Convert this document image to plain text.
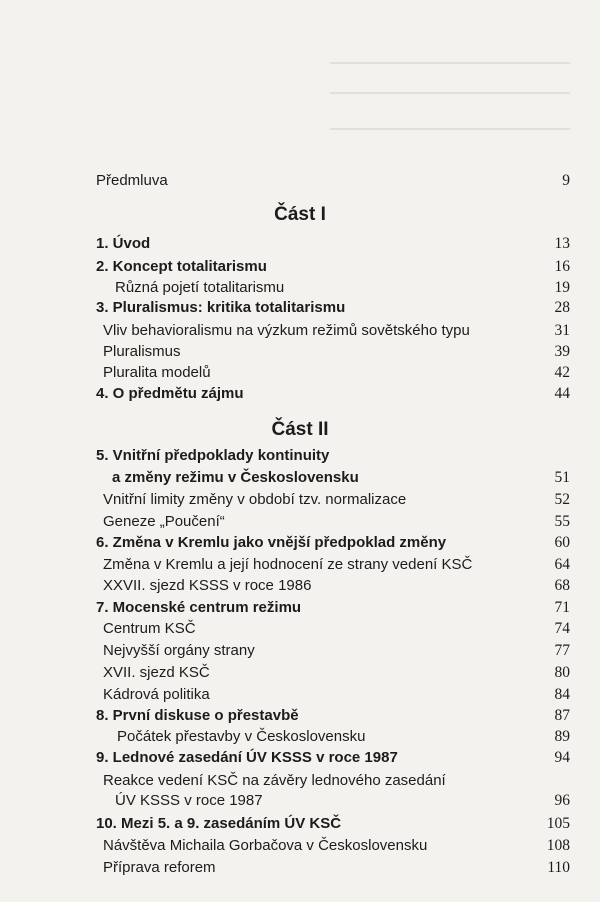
Předmluva	9
Část I
1. Úvod	13
2. Koncept totalitarismu	16
Různá pojetí totalitarismu	19
3. Pluralismus: kritika totalitarismu	28
Vliv behavioralismu na výzkum režimů sovětského typu	31
Pluralismus	39
Pluralita modelů	42
4. O předmětu zájmu	44
Část II
5. Vnitřní předpoklady kontinuity
a změny režimu v Československu	51
Vnitřní limity změny v období tzv. normalizace	52
Geneze „Poučení“	55
6. Změna v Kremlu jako vnější předpoklad změny	60
Změna v Kremlu a její hodnocení ze strany vedení KSČ	64
XXVII. sjezd KSSS v roce 1986	68
7. Mocenské centrum režimu	71
Centrum KSČ	74
Nejvyšší orgány strany	77
XVII. sjezd KSČ	80
Kádrová politika	84
8. První diskuse o přestavbě	87
Počátek přestavby v Československu	89
9. Lednové zasedání ÚV KSSS v roce 1987	94
Reakce vedení KSČ na závěry lednového zasedání
ÚV KSSS v roce 1987	96
10. Mezi 5. a 9. zasedáním ÚV KSČ	105
Návštěva Michaila Gorbačova v Československu	108
Příprava reforem	110
